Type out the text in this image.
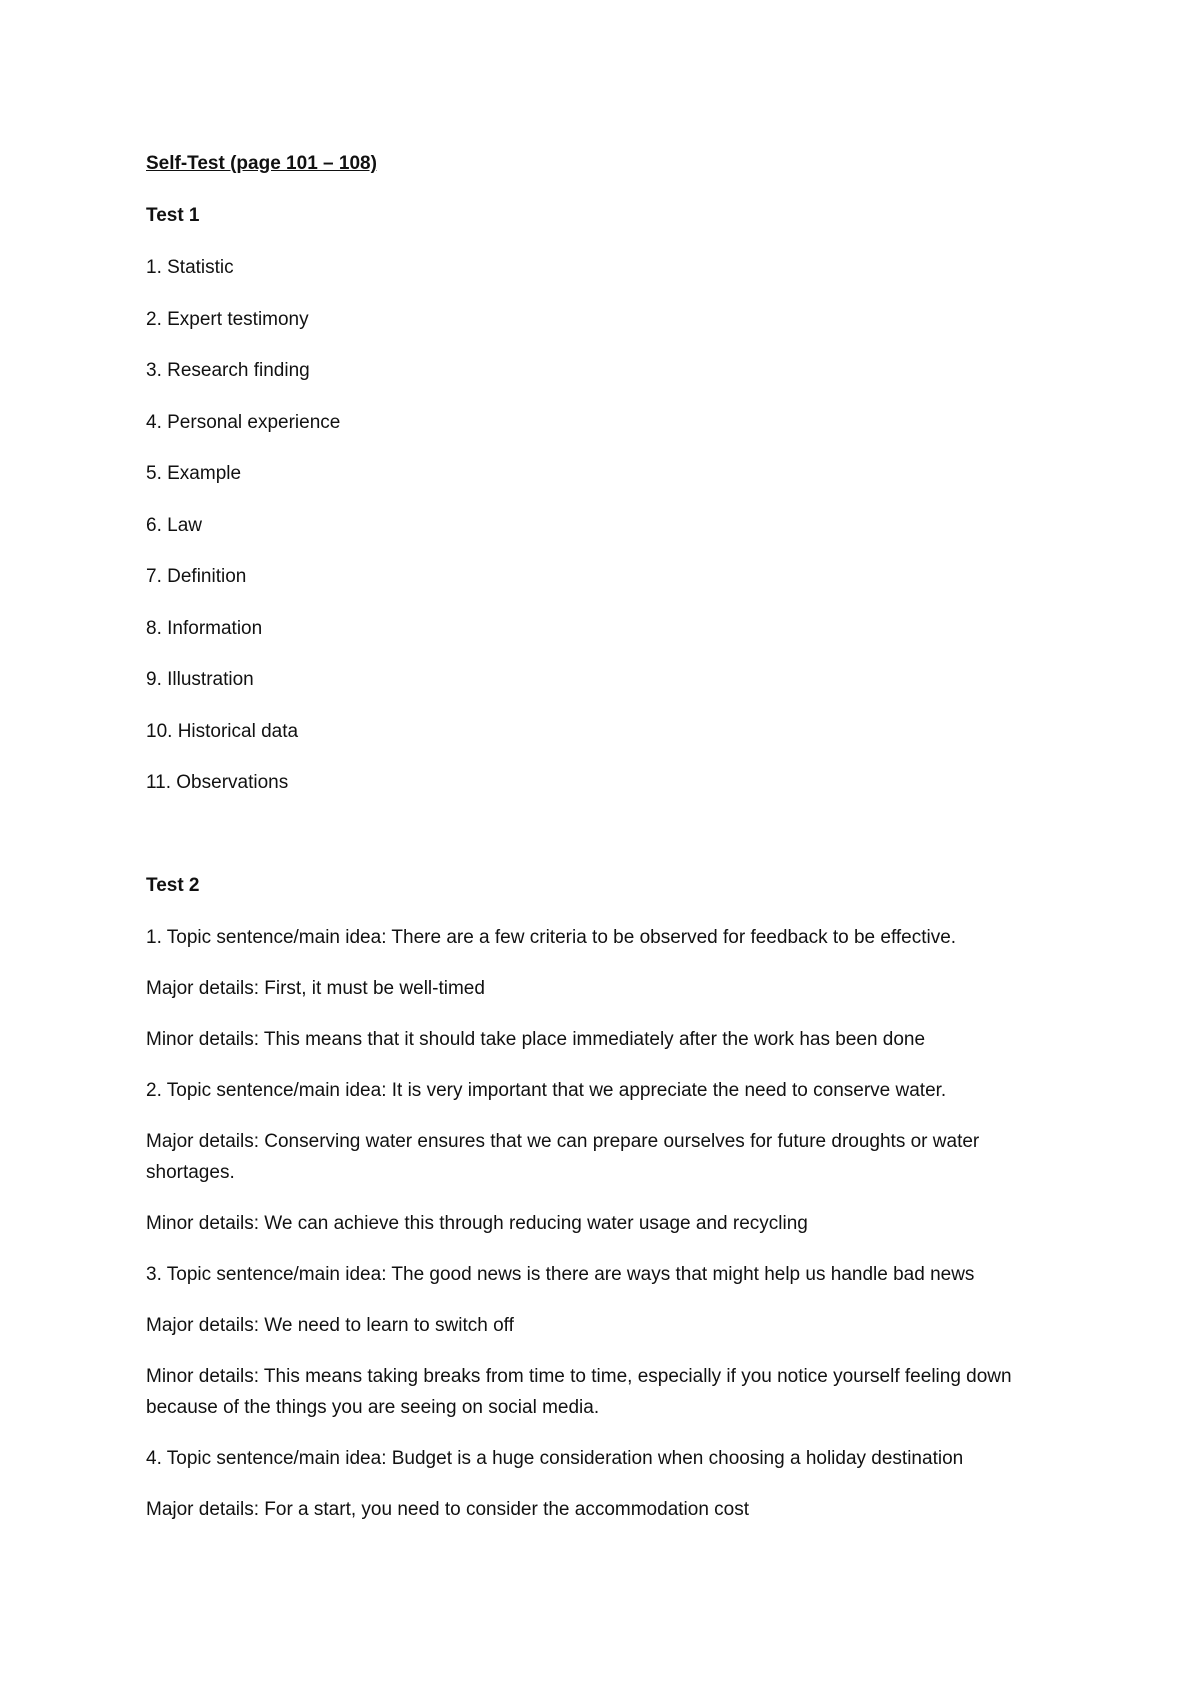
Self-Test (page 101 – 108)
Test 1
1. Statistic
2. Expert testimony
3. Research finding
4. Personal experience
5. Example
6. Law
7. Definition
8. Information
9. Illustration
10. Historical data
11. Observations
Test 2
1. Topic sentence/main idea: There are a few criteria to be observed for feedback to be effective.
Major details: First, it must be well-timed
Minor details: This means that it should take place immediately after the work has been done
2. Topic sentence/main idea: It is very important that we appreciate the need to conserve water.
Major details: Conserving water ensures that we can prepare ourselves for future droughts or water shortages.
Minor details: We can achieve this through reducing water usage and recycling
3. Topic sentence/main idea: The good news is there are ways that might help us handle bad news
Major details: We need to learn to switch off
Minor details: This means taking breaks from time to time, especially if you notice yourself feeling down because of the things you are seeing on social media.
4. Topic sentence/main idea: Budget is a huge consideration when choosing a holiday destination
Major details: For a start, you need to consider the accommodation cost
